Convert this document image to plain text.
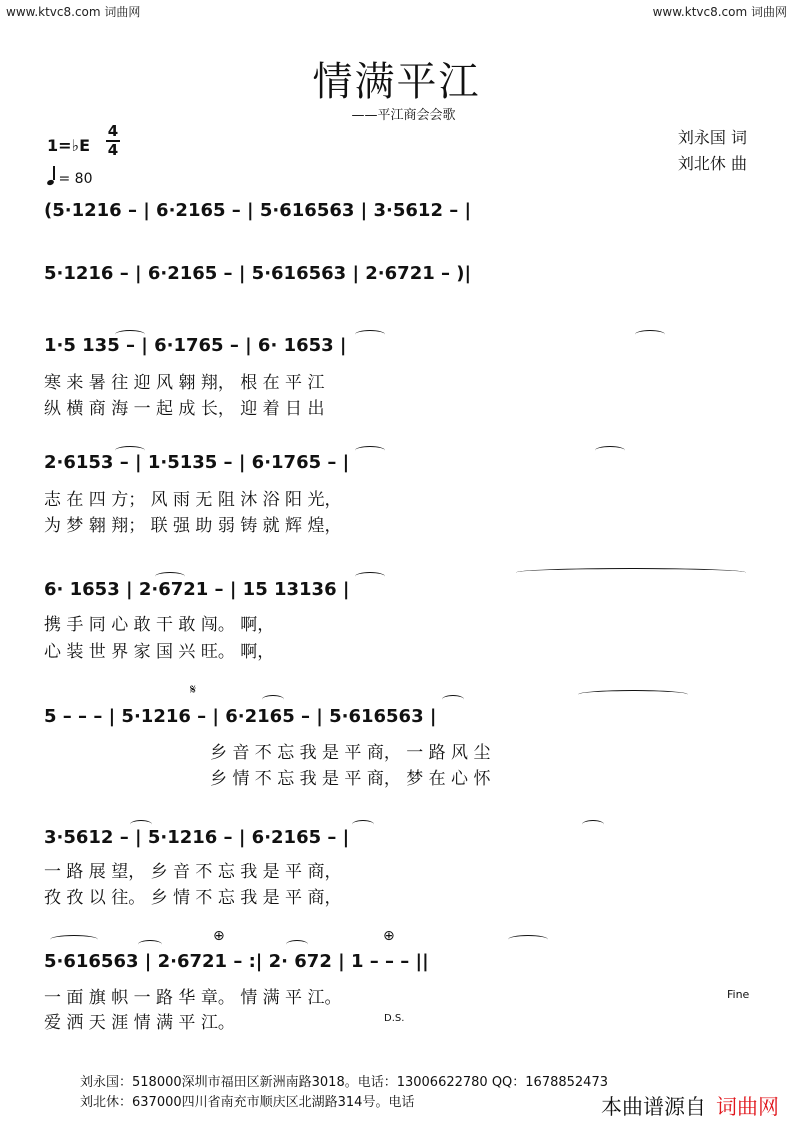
www.ktvc8.com 词曲网	www.ktvc8.com 词曲网
情满平江
——平江商会会歌
1=♭E
4
4
= 80
刘永国 词
刘北休 曲
(5·1216 – | 6·2165 – | 5·616563 | 3·5612 – |
5·1216 – | 6·2165 – | 5·616563 | 2·6721 – )|
1·5 135 – | 6·1765 – | 6· 1653 |
寒 来 暑 往 迎 风 翱 翔， 根 在 平 江
纵 横 商 海 一 起 成 长， 迎 着 日 出
2·6153 – | 1·5135 – | 6·1765 – |
志 在 四 方； 风 雨 无 阻 沐 浴 阳 光，
为 梦 翱 翔； 联 强 助 弱 铸 就 辉 煌，
6· 1653 | 2·6721 – | 15 13136 |
携 手 同 心 敢 干 敢 闯。 啊，
心 装 世 界 家 国 兴 旺。 啊，
𝄋
5 – – – | 5·1216 – | 6·2165 – | 5·616563 |
乡 音 不 忘 我 是 平 商， 一 路 风 尘
乡 情 不 忘 我 是 平 商， 梦 在 心 怀
3·5612 – | 5·1216 – | 6·2165 – |
一 路 展 望， 乡 音 不 忘 我 是 平 商，
孜 孜 以 往。 乡 情 不 忘 我 是 平 商，
⊕	⊕
5·616563 | 2·6721 – :| 2· 672 | 1 – – – ||
一 面 旗 帜 一 路 华 章。 情 满 平 江。
爱 洒 天 涯 情 满 平 江。
Fine
D.S.
刘永国：518000深圳市福田区新洲南路3018。电话：13006622780 QQ：1678852473
刘北休：637000四川省南充市顺庆区北湖路314号。电话	本曲谱源自 词曲网
